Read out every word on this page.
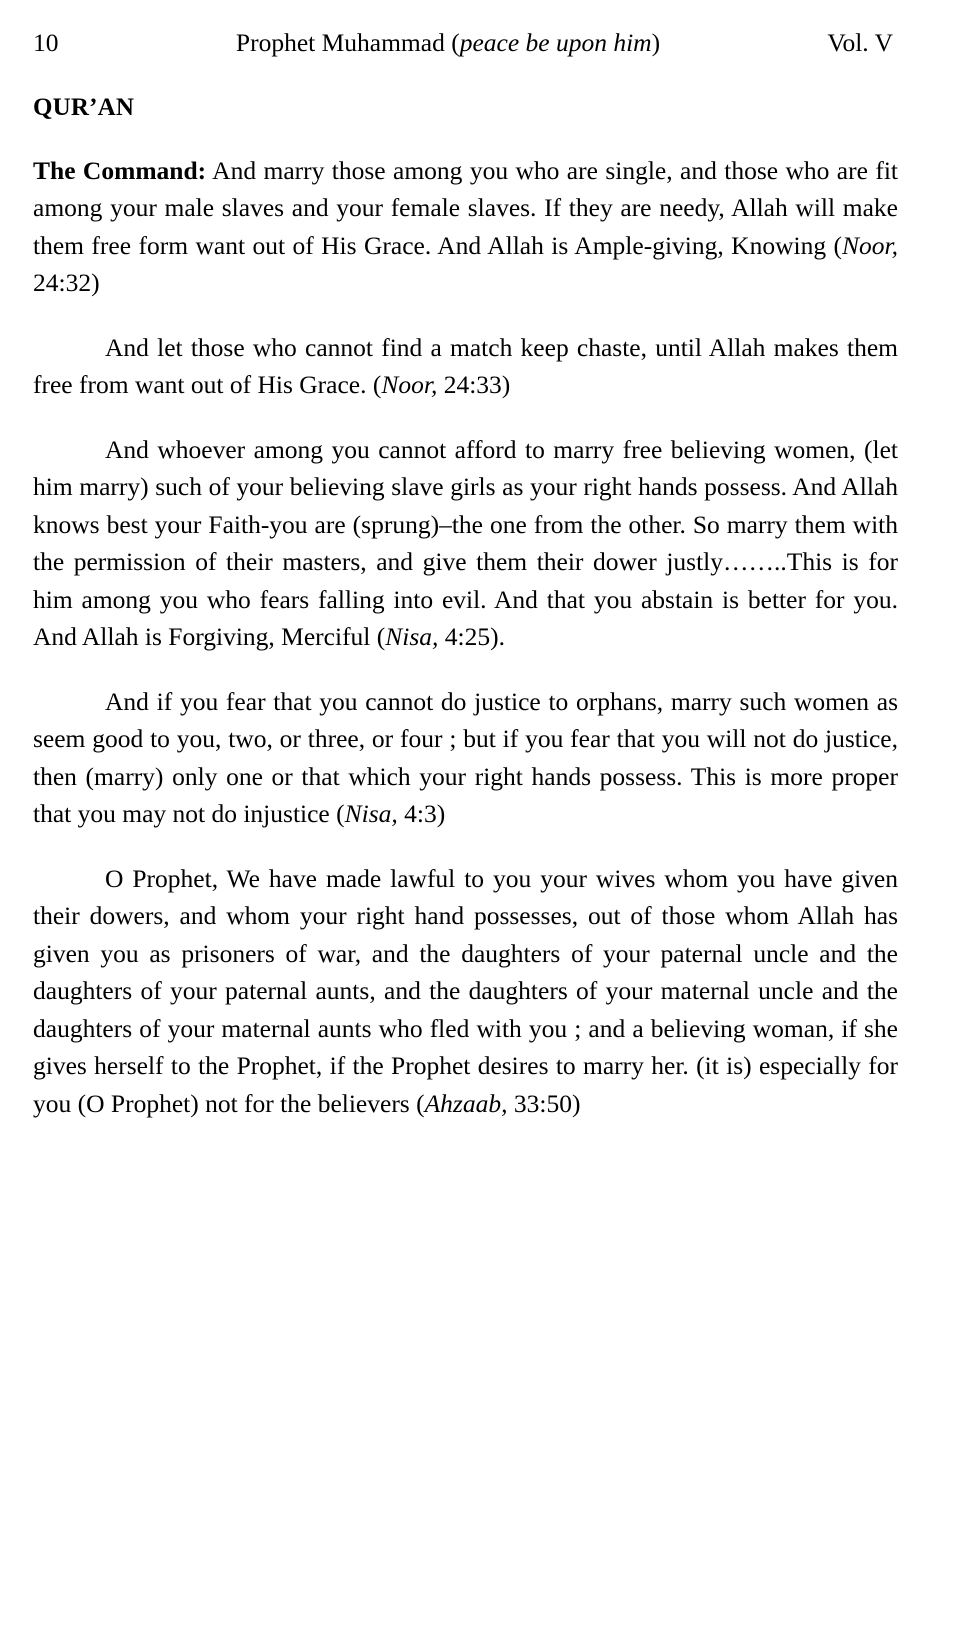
10	Prophet Muhammad (peace be upon him)	Vol. V
QUR’AN

The Command: And marry those among you who are single, and those who are fit among your male slaves and your female slaves. If they are needy, Allah will make them free form want out of His Grace. And Allah is Ample-giving, Knowing (Noor, 24:32)

And let those who cannot find a match keep chaste, until Allah makes them free from want out of His Grace. (Noor, 24:33)

And whoever among you cannot afford to marry free believing women, (let him marry) such of your believing slave girls as your right hands possess. And Allah knows best your Faith-you are (sprung)–the one from the other. So marry them with the permission of their masters, and give them their dower justly……..This is for him among you who fears falling into evil. And that you abstain is better for you. And Allah is Forgiving, Merciful (Nisa, 4:25).

And if you fear that you cannot do justice to orphans, marry such women as seem good to you, two, or three, or four ; but if you fear that you will not do justice, then (marry) only one or that which your right hands possess. This is more proper that you may not do injustice (Nisa, 4:3)

O Prophet, We have made lawful to you your wives whom you have given their dowers, and whom your right hand possesses, out of those whom Allah has given you as prisoners of war, and the daughters of your paternal uncle and the daughters of your paternal aunts, and the daughters of your maternal uncle and the daughters of your maternal aunts who fled with you ; and a believing woman, if she gives herself to the Prophet, if the Prophet desires to marry her. (it is) especially for you (O Prophet) not for the believers (Ahzaab, 33:50)
